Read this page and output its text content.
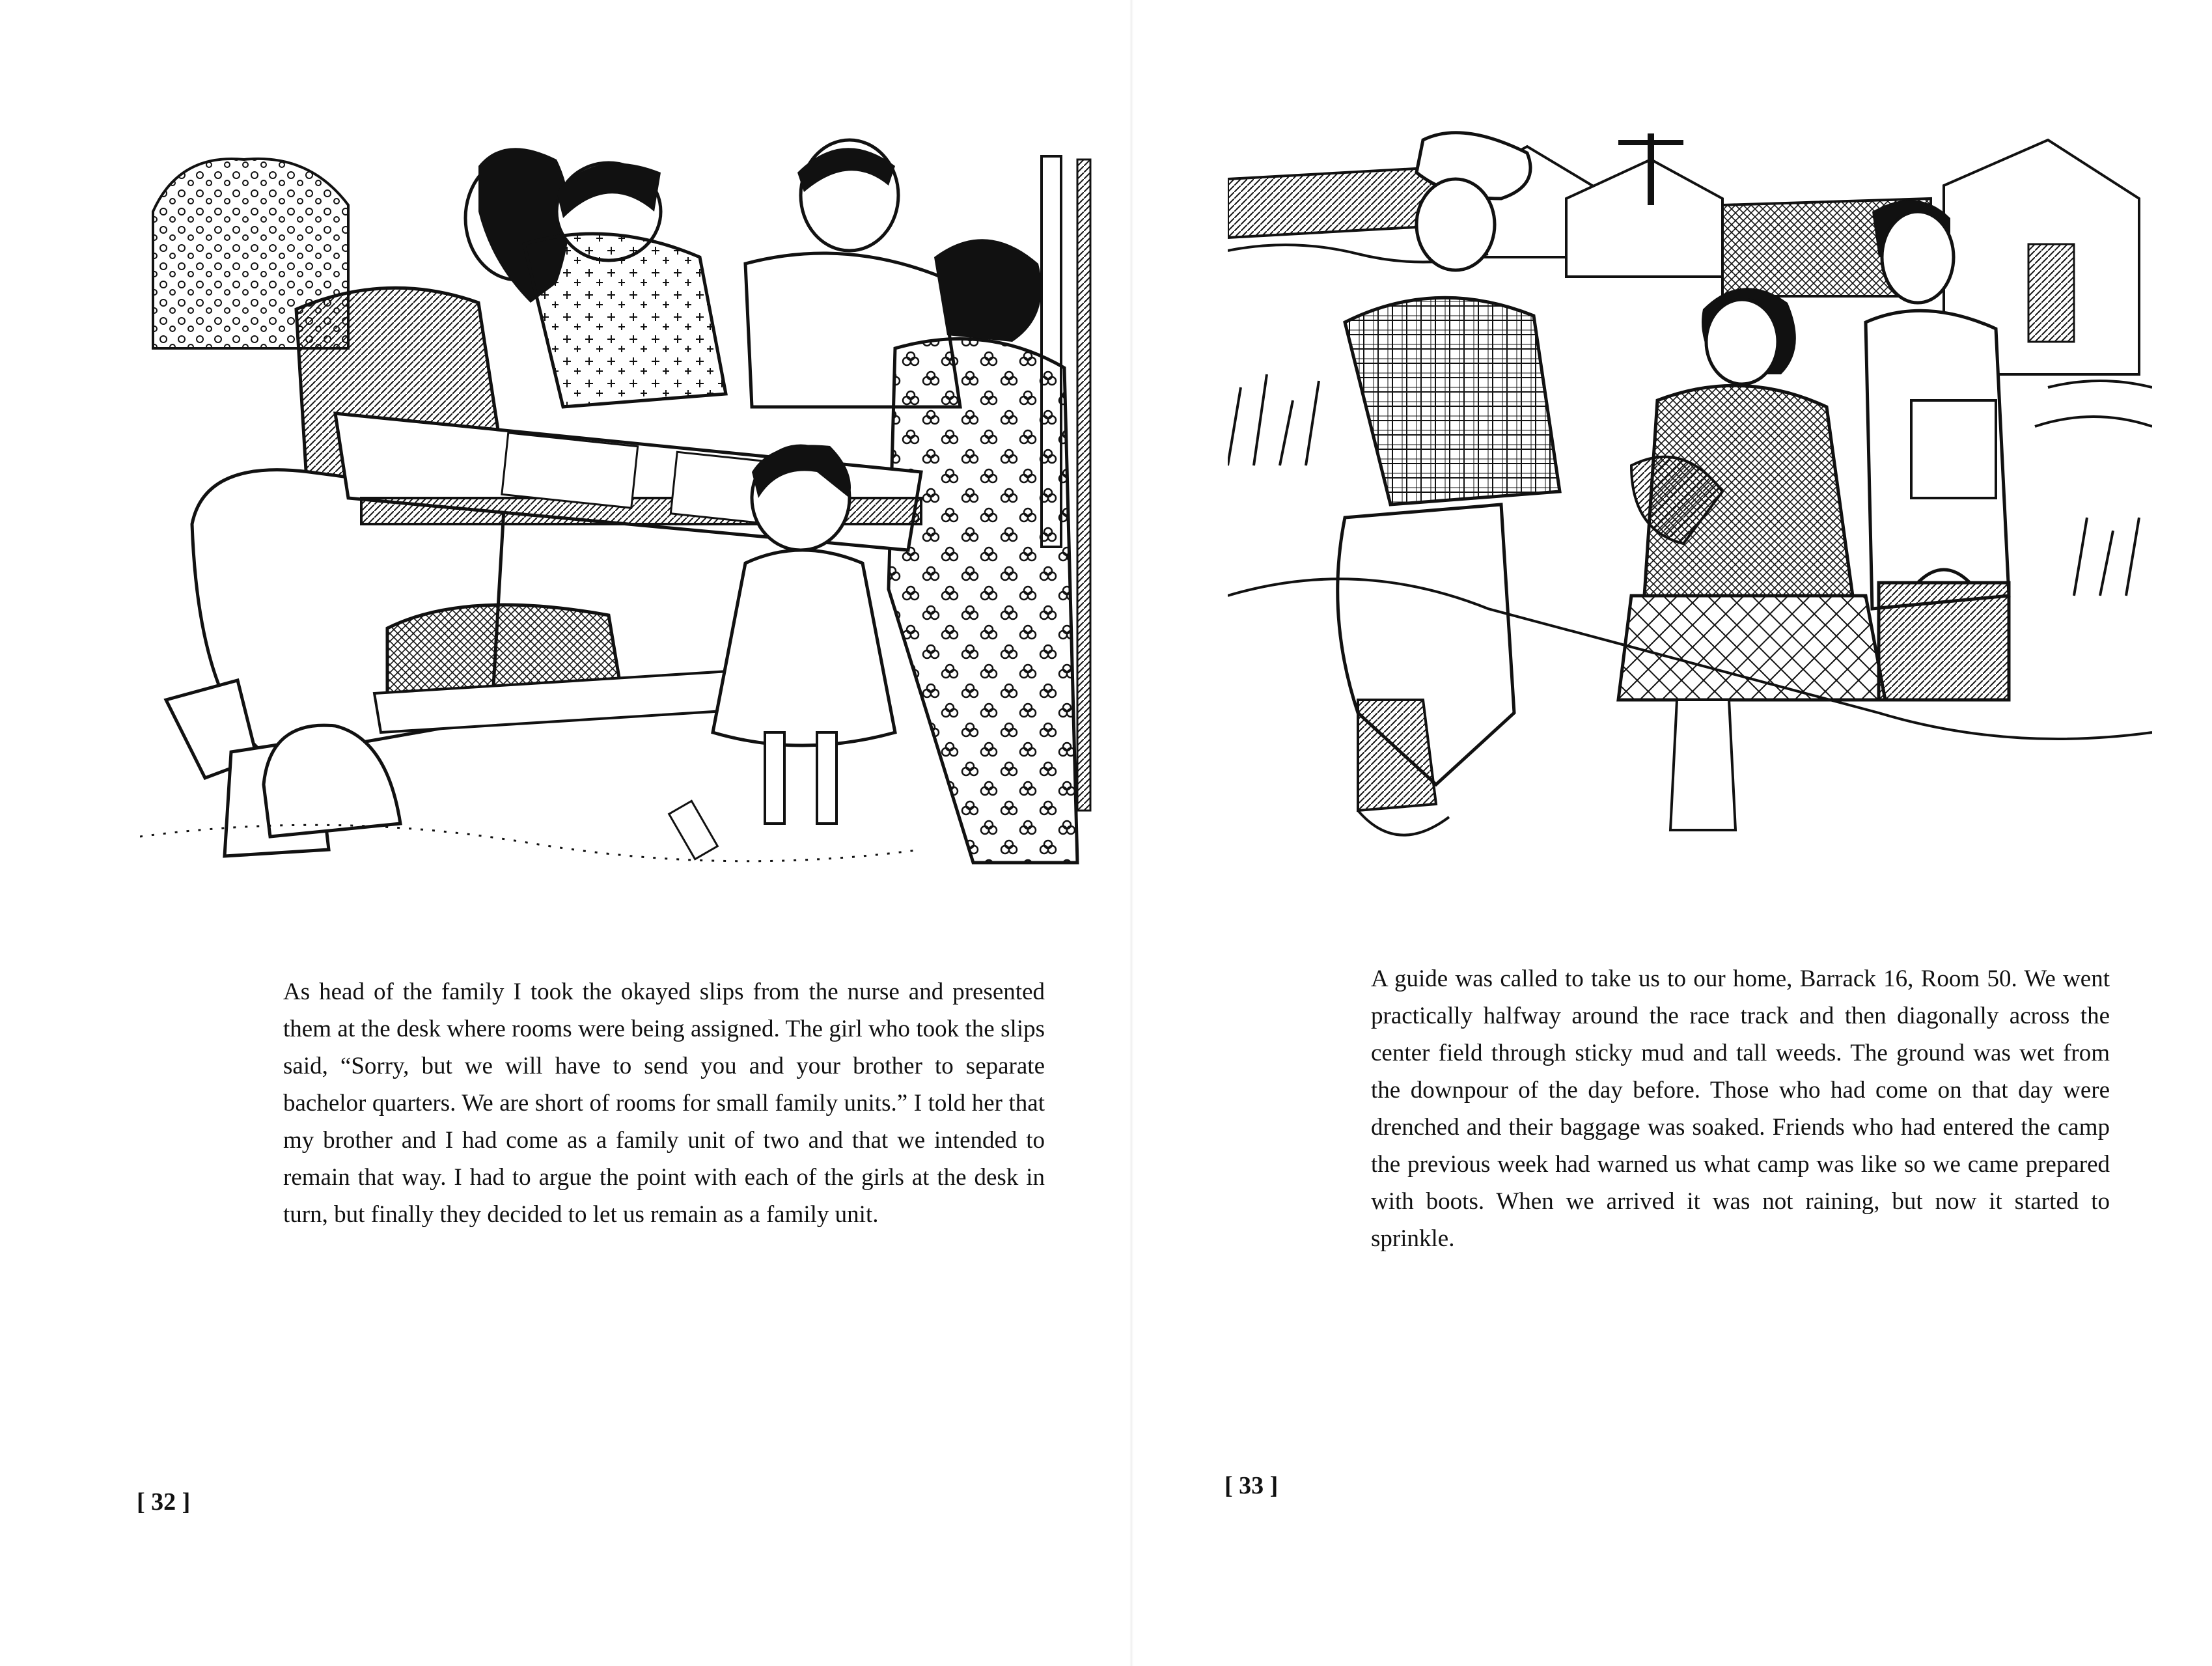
As head of the family I took the okayed slips from the nurse and presented them at the desk where rooms were being assigned. The girl who took the slips said, “Sorry, but we will have to send you and your brother to separate bachelor quarters. We are short of rooms for small family units.” I told her that my brother and I had come as a family unit of two and that we intended to remain that way. I had to argue the point with each of the girls at the desk in turn, but finally they decided to let us remain as a family unit.
[ 32 ]
A guide was called to take us to our home, Barrack 16, Room 50. We went practically halfway around the race track and then diagonally across the center field through sticky mud and tall weeds. The ground was wet from the downpour of the day before. Those who had come on that day were drenched and their baggage was soaked. Friends who had entered the camp the previous week had warned us what camp was like so we came prepared with boots. When we arrived it was not raining, but now it started to sprinkle.
[ 33 ]
